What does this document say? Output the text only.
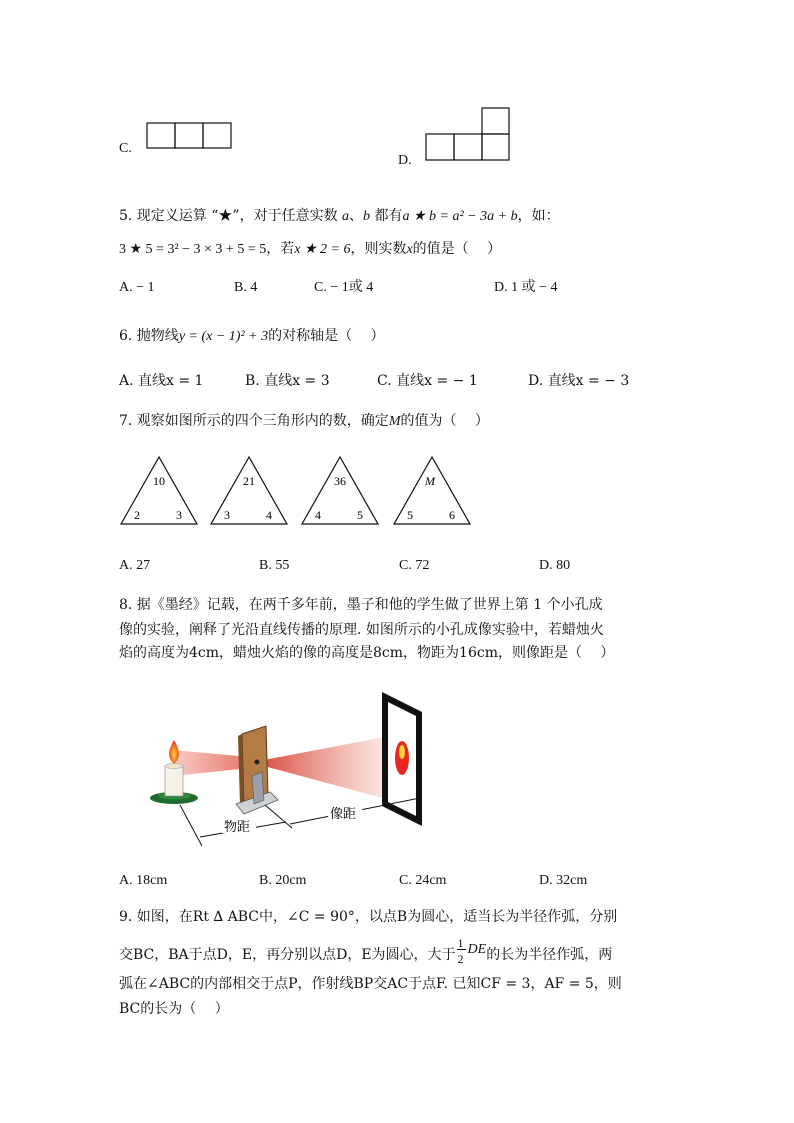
C.
D.
5. 现定义运算 “★”，对于任意实数 a、b 都有a ★ b = a² − 3a + b，如：
3 ★ 5 = 3² − 3 × 3 + 5 = 5，若x ★ 2 = 6，则实数x的值是（　 ）
A. − 1	B. 4	C. − 1或 4	D. 1 或 − 4
6. 抛物线y = (x − 1)² + 3的对称轴是（　 ）
A. 直线x = 1	B. 直线x = 3	C. 直线x = − 1	D. 直线x = − 3
7. 观察如图所示的四个三角形内的数，确定M的值为（　 ）
10
2	3
21
3	4
36
4	5
M
5	6
A. 27	B. 55	C. 72	D. 80
8. 据《墨经》记载，在两千多年前，墨子和他的学生做了世界上第 1 个小孔成
像的实验，阐释了光沿直线传播的原理. 如图所示的小孔成像实验中，若蜡烛火
焰的高度为4cm，蜡烛火焰的像的高度是8cm，物距为16cm，则像距是（　 ）
物距
像距
A. 18cm	B. 20cm	C. 24cm	D. 32cm
9. 如图，在Rt ∆ ABC中，∠C = 90°，以点B为圆心，适当长为半径作弧，分别
交BC，BA于点D，E，再分别以点D，E为圆心，大于 $\frac{1}{2}$ DE的长为半径作弧，两
弧在∠ABC的内部相交于点P，作射线BP交AC于点F. 已知CF = 3，AF = 5，则
BC的长为（　 ）
